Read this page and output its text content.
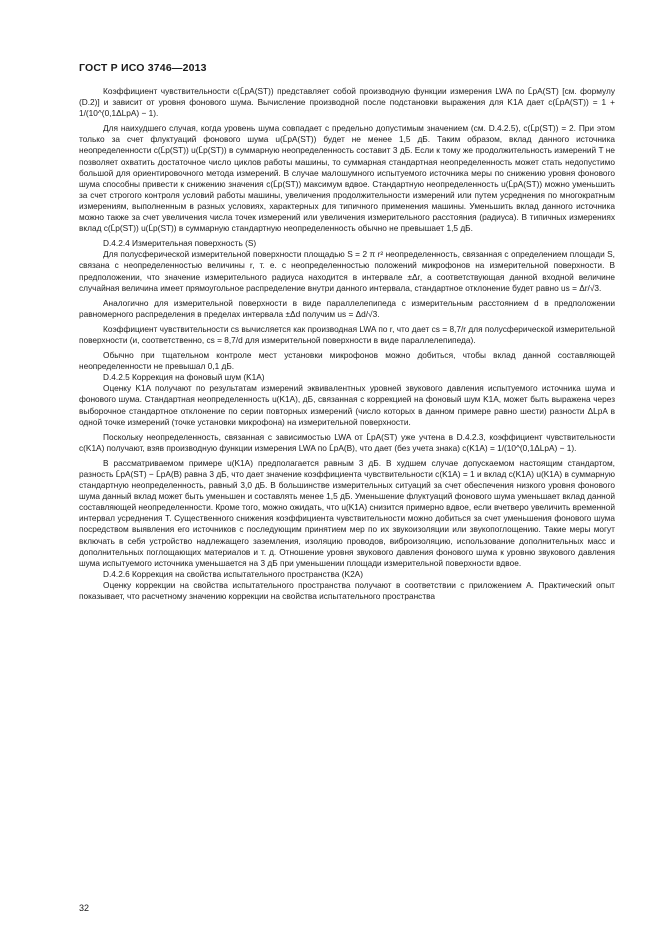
ГОСТ Р ИСО 3746—2013

Коэффициент чувствительности c(L̄pA(ST)) представляет собой производную функции измерения LWA по L̄pA(ST) [см. формулу (D.2)] и зависит от уровня фонового шума. Вычисление производной после подстановки выражения для K1A дает c(L̄pA(ST)) = 1 + 1/(10^(0,1ΔLpA) − 1).

Для наихудшего случая, когда уровень шума совпадает с предельно допустимым значением (см. D.4.2.5), c(L̄p(ST)) = 2. При этом только за счет флуктуаций фонового шума u(L̄pA(ST)) будет не менее 1,5 дБ. Таким образом, вклад данного источника неопределенности c(L̄p(ST)) u(L̄p(ST)) в суммарную неопределенность составит 3 дБ. Если к тому же продолжительность измерений T не позволяет охватить достаточное число циклов работы машины, то суммарная стандартная неопределенность может стать недопустимо большой для ориентировочного метода измерений. В случае малошумного испытуемого источника меры по снижению уровня фонового шума способны привести к снижению значения c(L̄p(ST)) максимум вдвое. Стандартную неопределенность u(L̄pA(ST)) можно уменьшить за счет строгого контроля условий работы машины, увеличения продолжительности измерений или путем усреднения по многократным измерениям, выполненным в разных условиях, характерных для типичного применения машины. Уменьшить вклад данного источника можно также за счет увеличения числа точек измерений или увеличения измерительного расстояния (радиуса). В типичных измерениях вклад c(L̄p(ST)) u(L̄p(ST)) в суммарную стандартную неопределенность обычно не превышает 1,5 дБ.

D.4.2.4 Измерительная поверхность (S)

Для полусферической измерительной поверхности площадью S = 2 π r² неопределенность, связанная с определением площади S, связана с неопределенностью величины r, т. е. с неопределенностью положений микрофонов на измерительной поверхности. В предположении, что значение измерительного радиуса находится в интервале ±Δr, а соответствующая данной входной величине случайная величина имеет прямоугольное распределение внутри данного интервала, стандартное отклонение будет равно us = Δr/√3.

Аналогично для измерительной поверхности в виде параллелепипеда с измерительным расстоянием d в предположении равномерного распределения в пределах интервала ±Δd получим us = Δd/√3.

Коэффициент чувствительности cs вычисляется как производная LWA по r, что дает cs = 8,7/r для полусферической измерительной поверхности (и, соответственно, cs = 8,7/d для измерительной поверхности в виде параллелепипеда).

Обычно при тщательном контроле мест установки микрофонов можно добиться, чтобы вклад данной составляющей неопределенности не превышал 0,1 дБ.

D.4.2.5 Коррекция на фоновый шум (K1A)

Оценку K1A получают по результатам измерений эквивалентных уровней звукового давления испытуемого источника шума и фонового шума. Стандартная неопределенность u(K1A), дБ, связанная с коррекцией на фоновый шум K1A, может быть выражена через выборочное стандартное отклонение по серии повторных измерений (число которых в данном примере равно шести) разности ΔLpA в одной точке измерений (точке установки микрофона) на измерительной поверхности.

Поскольку неопределенность, связанная с зависимостью LWA от L̄pA(ST) уже учтена в D.4.2.3, коэффициент чувствительности c(K1A) получают, взяв производную функции измерения LWA по L̄pA(B), что дает (без учета знака) c(K1A) = 1/(10^(0,1ΔLpA) − 1).

В рассматриваемом примере u(K1A) предполагается равным 3 дБ. В худшем случае допускаемом настоящим стандартом, разность L̄pA(ST) − L̄pA(B) равна 3 дБ, что дает значение коэффициента чувствительности c(K1A) = 1 и вклад c(K1A) u(K1A) в суммарную стандартную неопределенность, равный 3,0 дБ. В большинстве измерительных ситуаций за счет обеспечения низкого уровня фонового шума данный вклад может быть уменьшен и составлять менее 1,5 дБ. Уменьшение флуктуаций фонового шума уменьшает вклад данной составляющей неопределенности. Кроме того, можно ожидать, что u(K1A) снизится примерно вдвое, если вчетверо увеличить временной интервал усреднения T. Существенного снижения коэффициента чувствительности можно добиться за счет уменьшения фонового шума посредством выявления его источников с последующим принятием мер по их звукоизоляции или звукопоглощению. Такие меры могут включать в себя устройство надлежащего заземления, изоляцию проводов, виброизоляцию, использование дополнительных масс и дополнительных поглощающих материалов и т. д. Отношение уровня звукового давления фонового шума к уровню звукового давления шума испытуемого источника уменьшается на 3 дБ при уменьшении площади измерительной поверхности вдвое.

D.4.2.6 Коррекция на свойства испытательного пространства (K2A)

Оценку коррекции на свойства испытательного пространства получают в соответствии с приложением А. Практический опыт показывает, что расчетному значению коррекции на свойства испытательного пространства

32
